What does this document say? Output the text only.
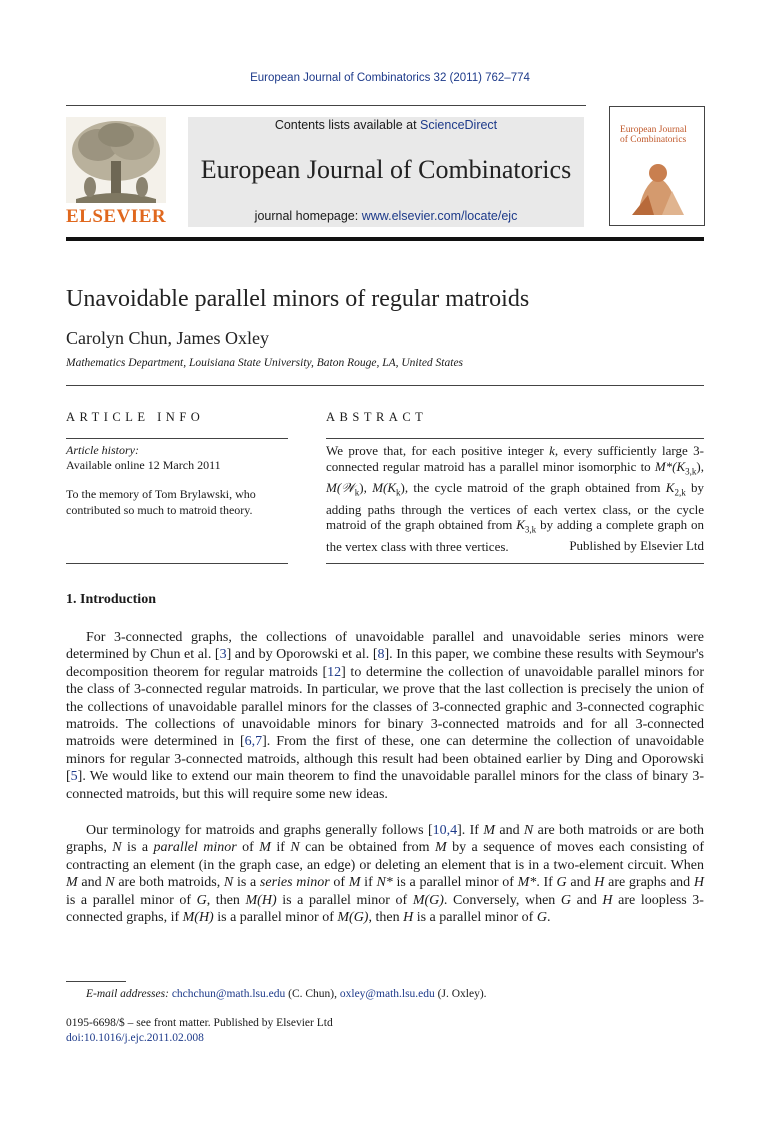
European Journal of Combinatorics 32 (2011) 762–774
ELSEVIER
Contents lists available at ScienceDirect
European Journal of Combinatorics
journal homepage: www.elsevier.com/locate/ejc
European Journal
of Combinatorics
Unavoidable parallel minors of regular matroids
Carolyn Chun, James Oxley
Mathematics Department, Louisiana State University, Baton Rouge, LA, United States
ARTICLE INFO
Article history:
Available online 12 March 2011
To the memory of Tom Brylawski, who contributed so much to matroid theory.
ABSTRACT
We prove that, for each positive integer k, every sufficiently large 3-connected regular matroid has a parallel minor isomorphic to $M*(K_{3,k})$, M(𝒲$_k$), $M(K_k)$, the cycle matroid of the graph obtained from $K_{2,k}$ by adding paths through the vertices of each vertex class, or the cycle matroid of the graph obtained from $K_{3,k}$ by adding a complete graph on the vertex class with three vertices.	Published by Elsevier Ltd
1. Introduction
For 3-connected graphs, the collections of unavoidable parallel and unavoidable series minors were determined by Chun et al. [3] and by Oporowski et al. [8]. In this paper, we combine these results with Seymour's decomposition theorem for regular matroids [12] to determine the collection of unavoidable parallel minors for the class of 3-connected regular matroids. In particular, we prove that the last collection is precisely the union of the collections of unavoidable parallel minors for the classes of 3-connected graphic and 3-connected cographic matroids. The collections of unavoidable minors for binary 3-connected matroids and for all 3-connected matroids were determined in [6,7]. From the first of these, one can determine the collection of unavoidable minors for regular 3-connected matroids, although this result had been obtained earlier by Ding and Oporowski [5]. We would like to extend our main theorem to find the unavoidable parallel minors for the class of binary 3-connected matroids, but this will require some new ideas.
Our terminology for matroids and graphs generally follows [10,4]. If M and N are both matroids or are both graphs, N is a parallel minor of M if N can be obtained from M by a sequence of moves each consisting of contracting an element (in the graph case, an edge) or deleting an element that is in a two-element circuit. When M and N are both matroids, N is a series minor of M if N* is a parallel minor of M*. If G and H are graphs and H is a parallel minor of G, then M(H) is a parallel minor of M(G). Conversely, when G and H are loopless 3-connected graphs, if M(H) is a parallel minor of M(G), then H is a parallel minor of G.
E-mail addresses: chchchun@math.lsu.edu (C. Chun), oxley@math.lsu.edu (J. Oxley).
0195-6698/$ – see front matter. Published by Elsevier Ltd
doi:10.1016/j.ejc.2011.02.008
